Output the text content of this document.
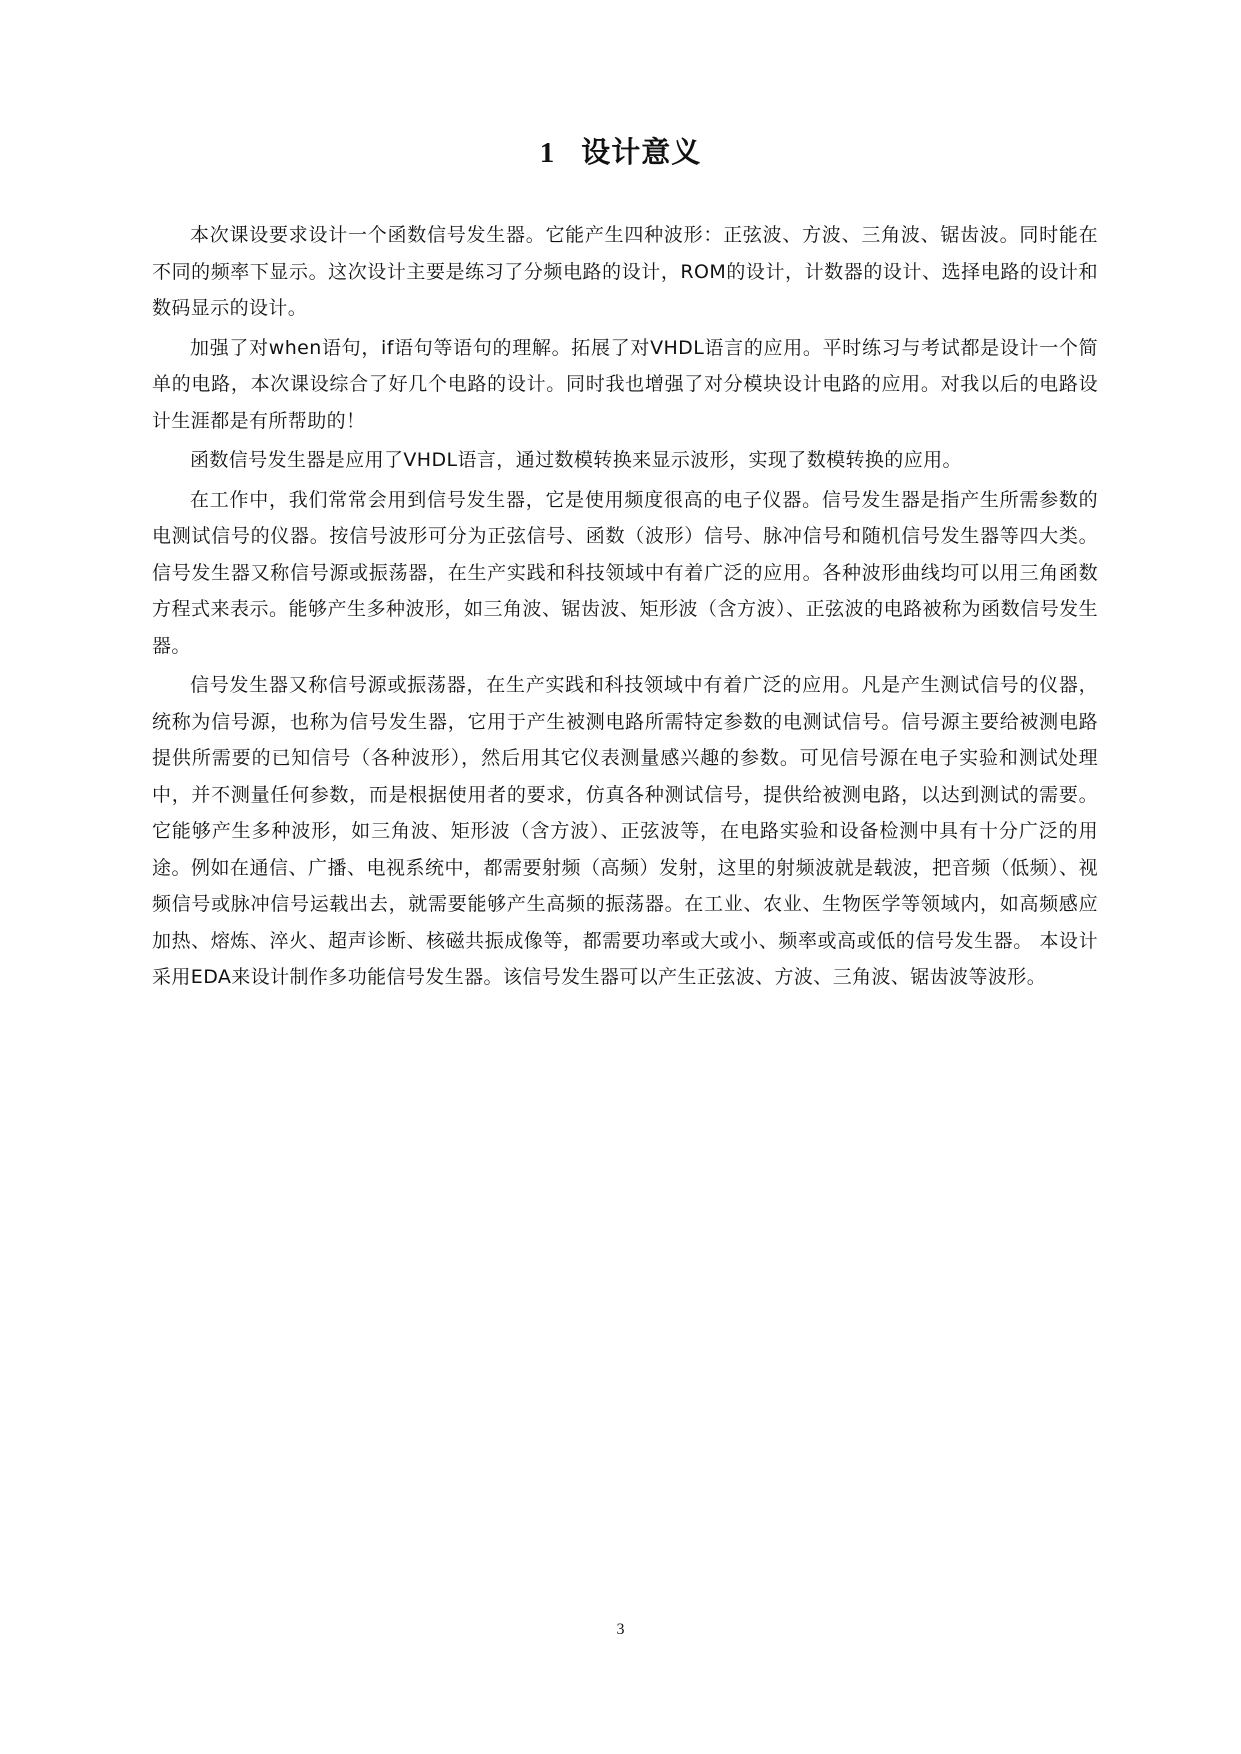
1 设计意义

本次课设要求设计一个函数信号发生器。它能产生四种波形：正弦波、方波、三角波、锯齿波。同时能在不同的频率下显示。这次设计主要是练习了分频电路的设计，ROM的设计，计数器的设计、选择电路的设计和数码显示的设计。

加强了对when语句，if语句等语句的理解。拓展了对VHDL语言的应用。平时练习与考试都是设计一个简单的电路，本次课设综合了好几个电路的设计。同时我也增强了对分模块设计电路的应用。对我以后的电路设计生涯都是有所帮助的！

函数信号发生器是应用了VHDL语言，通过数模转换来显示波形，实现了数模转换的应用。

在工作中，我们常常会用到信号发生器，它是使用频度很高的电子仪器。信号发生器是指产生所需参数的电测试信号的仪器。按信号波形可分为正弦信号、函数（波形）信号、脉冲信号和随机信号发生器等四大类。信号发生器又称信号源或振荡器，在生产实践和科技领域中有着广泛的应用。各种波形曲线均可以用三角函数方程式来表示。能够产生多种波形，如三角波、锯齿波、矩形波（含方波）、正弦波的电路被称为函数信号发生器。

信号发生器又称信号源或振荡器，在生产实践和科技领域中有着广泛的应用。凡是产生测试信号的仪器，统称为信号源，也称为信号发生器，它用于产生被测电路所需特定参数的电测试信号。信号源主要给被测电路提供所需要的已知信号（各种波形），然后用其它仪表测量感兴趣的参数。可见信号源在电子实验和测试处理中，并不测量任何参数，而是根据使用者的要求，仿真各种测试信号，提供给被测电路，以达到测试的需要。它能够产生多种波形，如三角波、矩形波（含方波）、正弦波等，在电路实验和设备检测中具有十分广泛的用途。例如在通信、广播、电视系统中，都需要射频（高频）发射，这里的射频波就是载波，把音频（低频）、视频信号或脉冲信号运载出去，就需要能够产生高频的振荡器。在工业、农业、生物医学等领域内，如高频感应加热、熔炼、淬火、超声诊断、核磁共振成像等，都需要功率或大或小、频率或高或低的信号发生器。 本设计采用EDA来设计制作多功能信号发生器。该信号发生器可以产生正弦波、方波、三角波、锯齿波等波形。

3
